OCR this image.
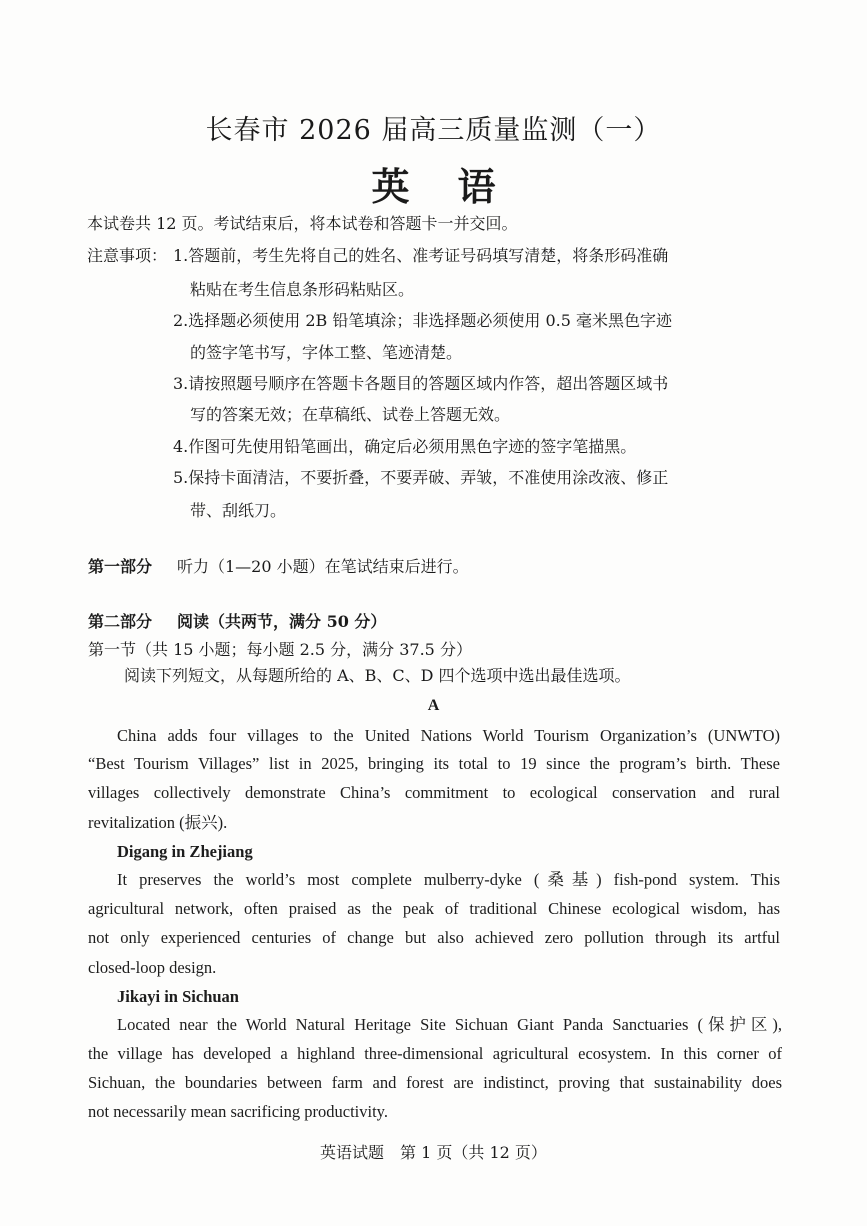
长春市 2026 届高三质量监测（一）
英语
本试卷共 12 页。考试结束后，将本试卷和答题卡一并交回。
注意事项： 1.答题前，考生先将自己的姓名、准考证号码填写清楚，将条形码准确
粘贴在考生信息条形码粘贴区。
2.选择题必须使用 2B 铅笔填涂；非选择题必须使用 0.5 毫米黑色字迹
的签字笔书写，字体工整、笔迹清楚。
3.请按照题号顺序在答题卡各题目的答题区域内作答，超出答题区域书
写的答案无效；在草稿纸、试卷上答题无效。
4.作图可先使用铅笔画出，确定后必须用黑色字迹的签字笔描黑。
5.保持卡面清洁，不要折叠，不要弄破、弄皱，不准使用涂改液、修正
带、刮纸刀。
第一部分 听力（1—20 小题）在笔试结束后进行。
第二部分 阅读（共两节，满分 50 分）
第一节（共 15 小题；每小题 2.5 分，满分 37.5 分）
阅读下列短文，从每题所给的 A、B、C、D 四个选项中选出最佳选项。
A
China adds four villages to the United Nations World Tourism Organization’s (UNWTO)
“Best Tourism Villages” list in 2025, bringing its total to 19 since the program’s birth. These
villages collectively demonstrate China’s commitment to ecological conservation and rural
revitalization (振兴).
Digang in Zhejiang
It preserves the world’s most complete mulberry-dyke (桑基) fish-pond system. This
agricultural network, often praised as the peak of traditional Chinese ecological wisdom, has
not only experienced centuries of change but also achieved zero pollution through its artful
closed-loop design.
Jikayi in Sichuan
Located near the World Natural Heritage Site Sichuan Giant Panda Sanctuaries (保护区),
the village has developed a highland three-dimensional agricultural ecosystem. In this corner of
Sichuan, the boundaries between farm and forest are indistinct, proving that sustainability does
not necessarily mean sacrificing productivity.
英语试题　第 1 页（共 12 页）
